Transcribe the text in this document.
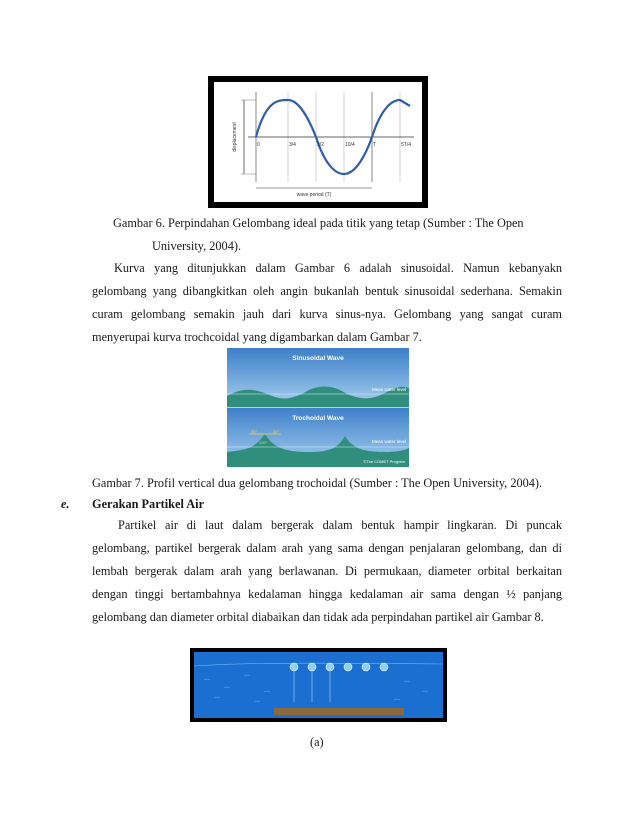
0	3/4	3/2	10/4	T	5T/4
wave period (T)
displacement
Gambar 6. Perpindahan Gelombang ideal pada titik yang tetap (Sumber : The Open
University, 2004).
Kurva yang ditunjukkan dalam Gambar 6 adalah sinusoidal. Namun kebanyakn
gelombang yang dibangkitkan oleh angin bukanlah bentuk sinusoidal sederhana. Semakin
curam gelombang semakin jauh dari kurva sinus-nya. Gelombang yang sangat curam
menyerupai kurva trochcoidal yang digambarkan dalam Gambar 7.
Sinusoidal Wave
Mean water level
Trochoidal Wave
Mean water level
30°	30°
120°
©The COMET Program
Gambar 7. Profil vertical dua gelombang trochoidal (Sumber : The Open University, 2004).
e. Gerakan Partikel Air
Partikel air di laut dalam bergerak dalam bentuk hampir lingkaran. Di puncak
gelombang, partikel bergerak dalam arah yang sama dengan penjalaran gelombang, dan di
lembah bergerak dalam arah yang berlawanan. Di permukaan, diameter orbital berkaitan
dengan tinggi bertambahnya kedalaman hingga kedalaman air sama dengan ½ panjang
gelombang dan diameter orbital diabaikan dan tidak ada perpindahan partikel air Gambar 8.
(a)
